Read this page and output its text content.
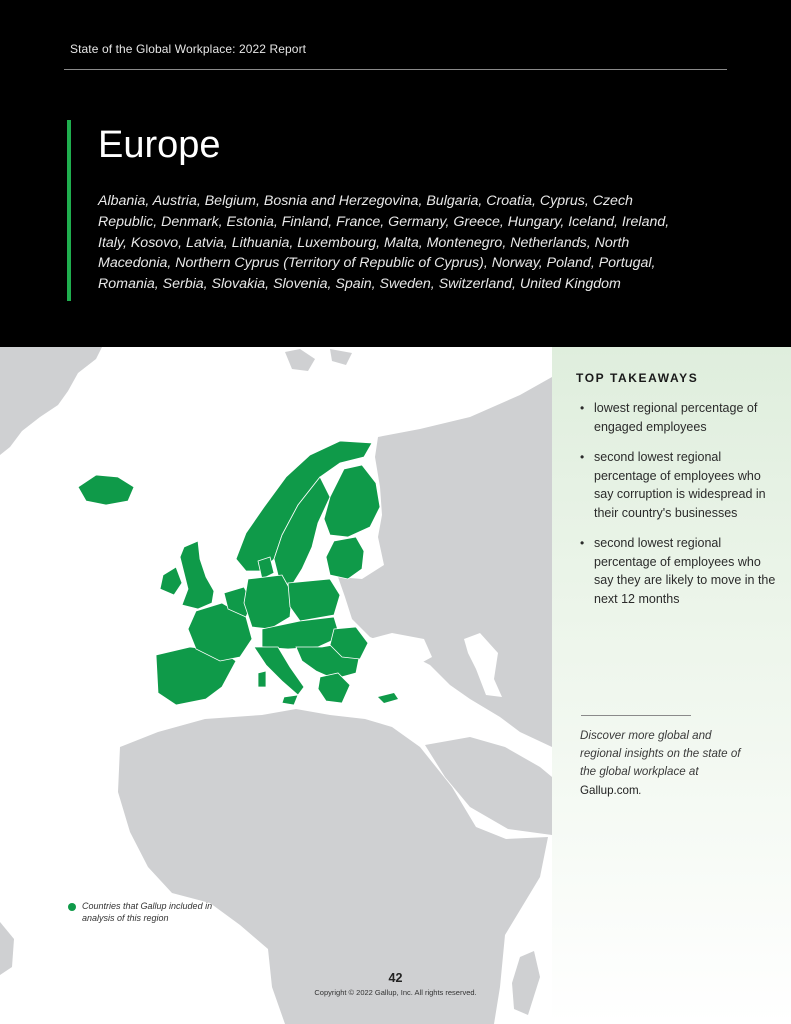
State of the Global Workplace: 2022 Report
Europe
Albania, Austria, Belgium, Bosnia and Herzegovina, Bulgaria, Croatia, Cyprus, Czech Republic, Denmark, Estonia, Finland, France, Germany, Greece, Hungary, Iceland, Ireland, Italy, Kosovo, Latvia, Lithuania, Luxembourg, Malta, Montenegro, Netherlands, North Macedonia, Northern Cyprus (Territory of Republic of Cyprus), Norway, Poland, Portugal, Romania, Serbia, Slovakia, Slovenia, Spain, Sweden, Switzerland, United Kingdom
TOP TAKEAWAYS
• lowest regional percentage of engaged employees
• second lowest regional percentage of employees who say corruption is widespread in their country's businesses
• second lowest regional percentage of employees who say they are likely to move in the next 12 months
Discover more global and regional insights on the state of the global workplace at Gallup.com.
Countries that Gallup included in analysis of this region
42
Copyright © 2022 Gallup, Inc. All rights reserved.
